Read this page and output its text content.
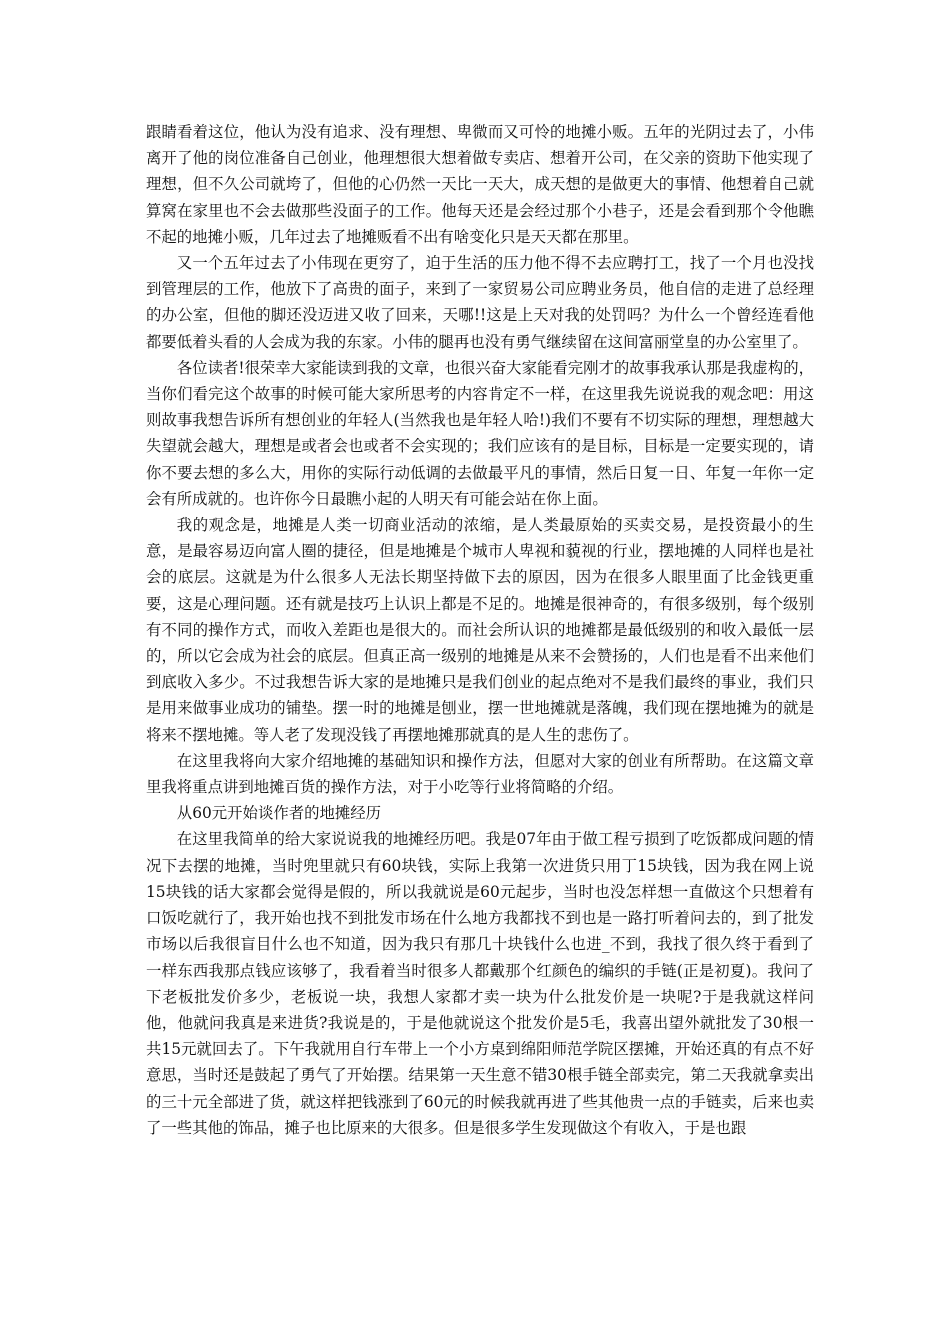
跟睛看着这位，他认为没有追求、没有理想、卑微而又可怜的地摊小贩。五年的光阴过去了，小伟离开了他的岗位准备自己创业，他理想很大想着做专卖店、想着开公司，在父亲的资助下他实现了理想，但不久公司就垮了，但他的心仍然一天比一天大，成天想的是做更大的事情、他想着自己就算窝在家里也不会去做那些没面子的工作。他每天还是会经过那个小巷子，还是会看到那个令他瞧不起的地摊小贩，几年过去了地摊贩看不出有啥变化只是天天都在那里。

又一个五年过去了小伟现在更穷了，迫于生活的压力他不得不去应聘打工，找了一个月也没找到管理层的工作，他放下了高贵的面子，来到了一家贸易公司应聘业务员，他自信的走进了总经理的办公室，但他的脚还没迈进又收了回来，天哪!!这是上天对我的处罚吗？为什么一个曾经连看他都要低着头看的人会成为我的东家。小伟的腿再也没有勇气继续留在这间富丽堂皇的办公室里了。

各位读者!很荣幸大家能读到我的文章，也很兴奋大家能看完刚才的故事我承认那是我虚构的，当你们看完这个故事的时候可能大家所思考的内容肯定不一样，在这里我先说说我的观念吧：用这则故事我想告诉所有想创业的年轻人(当然我也是年轻人哈!)我们不要有不切实际的理想，理想越大失望就会越大，理想是或者会也或者不会实现的；我们应该有的是目标，目标是一定要实现的，请你不要去想的多么大，用你的实际行动低调的去做最平凡的事情，然后日复一日、年复一年你一定会有所成就的。也许你今日最瞧小起的人明天有可能会站在你上面。

我的观念是，地摊是人类一切商业活动的浓缩，是人类最原始的买卖交易，是投资最小的生意，是最容易迈向富人圈的捷径，但是地摊是个城市人卑视和藐视的行业，摆地摊的人同样也是社会的底层。这就是为什么很多人无法长期坚持做下去的原因，因为在很多人眼里面了比金钱更重要，这是心理问题。还有就是技巧上认识上都是不足的。地摊是很神奇的，有很多级别，每个级别有不同的操作方式，而收入差距也是很大的。而社会所认识的地摊都是最低级别的和收入最低一层的，所以它会成为社会的底层。但真正高一级别的地摊是从来不会赞扬的，人们也是看不出来他们到底收入多少。不过我想告诉大家的是地摊只是我们创业的起点绝对不是我们最终的事业，我们只是用来做事业成功的铺垫。摆一时的地摊是刨业，摆一世地摊就是落魄，我们现在摆地摊为的就是将来不摆地摊。等人老了发现没钱了再摆地摊那就真的是人生的悲伤了。

在这里我将向大家介绍地摊的基础知识和操作方法，但愿对大家的创业有所帮助。在这篇文章里我将重点讲到地摊百货的操作方法，对于小吃等行业将简略的介绍。

从60元开始谈作者的地摊经历

在这里我简单的给大家说说我的地摊经历吧。我是07年由于做工程亏损到了吃饭都成问题的情况下去摆的地摊，当时兜里就只有60块钱，实际上我第一次进货只用丁15块钱，因为我在网上说15块钱的话大家都会觉得是假的，所以我就说是60元起步，当时也没怎样想一直做这个只想着有口饭吃就行了，我开始也找不到批发市场在什么地方我都找不到也是一路打听着问去的，到了批发市场以后我很盲目什么也不知道，因为我只有那几十块钱什么也进_不到，我找了很久终于看到了一样东西我那点钱应该够了，我看着当时很多人都戴那个红颜色的编织的手链(正是初夏)。我问了下老板批发价多少，老板说一块，我想人家都才卖一块为什么批发价是一块呢?于是我就这样问他，他就问我真是来进货?我说是的，于是他就说这个批发价是5毛，我喜出望外就批发了30根一共15元就回去了。下午我就用自行车带上一个小方桌到绵阳师范学院区摆摊，开始还真的有点不好意思，当时还是鼓起了勇气了开始摆。结果第一天生意不错30根手链全部卖完，第二天我就拿卖出的三十元全部进了货，就这样把钱涨到了60元的时候我就再进了些其他贵一点的手链卖，后来也卖了一些其他的饰品，摊子也比原来的大很多。但是很多学生发现做这个有收入，于是也跟
